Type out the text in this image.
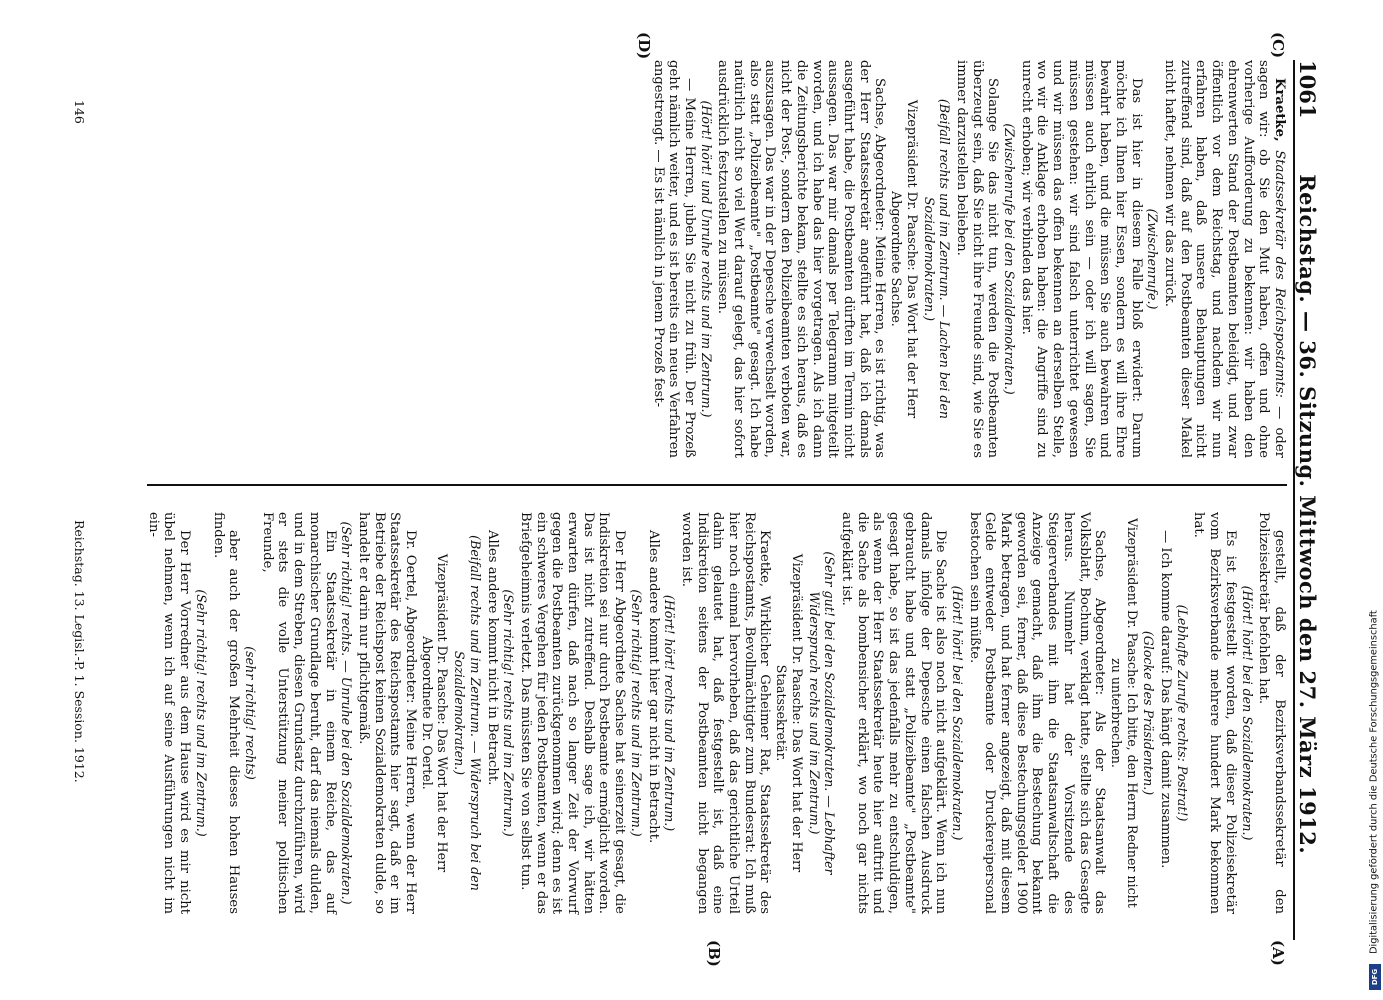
1061
Reichstag. — 36. Sitzung. Mittwoch den 27. März 1912.
(C)
(D)
(A)
(B)

Kraetke, Staatssekretär des Reichspostamts: — oder sagen wir: ob Sie den Mut haben, offen und ohne vorherige Aufforderung zu bekennen: wir haben den ehrenwerten Stand der Postbeamten beleidigt, und zwar öffentlich vor dem Reichstag, und nachdem wir nun erfahren haben, daß unsere Behauptungen nicht zutreffend sind, daß auf den Postbeamten dieser Makel nicht haftet, nehmen wir das zurück.

(Zwischenrufe.)

Das ist hier in diesem Falle bloß erwidert: Darum möchte ich Ihnen hier Essen, sondern es will ihre Ehre bewahrt haben, und die müssen Sie auch bewahren und müssen auch ehrlich sein — oder ich will sagen, Sie müssen gestehen: wir sind falsch unterrichtet gewesen und wir müssen das offen bekennen an derselben Stelle, wo wir die Anklage erhoben haben: die Angriffe sind zu unrecht erhoben; wir verbinden das hier.

(Zwischenrufe bei den Sozialdemokraten.)

Solange Sie das nicht tun, werden die Postbeamten überzeugt sein, daß Sie nicht ihre Freunde sind, wie Sie es immer darzustellen belieben.

(Beifall rechts und im Zentrum. — Lachen bei den Sozialdemokraten.)

Vizepräsident Dr. Paasche: Das Wort hat der Herr Abgeordnete Sachse.

Sachse, Abgeordneter: Meine Herren, es ist richtig, was der Herr Staatssekretär angeführt hat, daß ich damals ausgeführt habe, die Postbeamten dürften im Termin nicht aussagen. Das war mir damals per Telegramm mitgeteilt worden, und ich habe das hier vorgetragen. Als ich dann die Zeitungsberichte bekam, stellte es sich heraus, daß es nicht der Post-, sondern den Polizeibeamten verboten war, auszusagen. Das war in der Depesche verwechselt worden, also statt „Polizeibeamte" „Postbeamte" gesagt. Ich habe natürlich nicht so viel Wert darauf gelegt, das hier sofort ausdrücklich festzustellen zu müssen.

(Hört! hört! und Unruhe rechts und im Zentrum.)

— Meine Herren, jubeln Sie nicht zu früh. Der Prozeß geht nämlich weiter, und es ist bereits ein neues Verfahren angestrengt. — Es ist nämlich in jenem Prozeß fest-

gestellt, daß der Bezirksverbandssekretär den Polizeisekretär befohlen hat.

(Hört! hört! bei den Sozialdemokraten.)

Es ist festgestellt worden, daß dieser Polizeisekretär vom Bezirksverbande mehrere hundert Mark bekommen hat.

(Lebhafte Zurufe rechts: Postrat!)

— Ich komme darauf: Das hängt damit zusammen.

(Glocke des Präsidenten.)

Vizepräsident Dr. Paasche: Ich bitte, den Herrn Redner nicht zu unterbrechen.

Sachse, Abgeordneter: Als der Staatsanwalt das Volksblatt, Bochum, verklagt hatte, stellte sich das Gesagte heraus. Nunmehr hat der Vorsitzende des Steigerverbandes mit ihm die Staatsanwaltschaft die Anzeige gemacht, daß ihm die Bestechung bekannt geworden sei, ferner, daß diese Bestechungsgelder 1900 Mark betragen, und hat ferner angezeigt, daß mit diesem Gelde entweder Postbeamte oder Druckereipersonal bestochen sein müßte.

(Hört! hört! bei den Sozialdemokraten.)

Die Sache ist also noch nicht aufgeklärt. Wenn ich nun damals infolge der Depesche einen falschen Ausdruck gebraucht habe und statt „Polizeibeamte" „Postbeamte" gesagt habe, so ist das jedenfalls mehr zu entschuldigen, als wenn der Herr Staatssekretär heute hier auftritt und die Sache als bombensicher erklärt, wo noch gar nichts aufgeklärt ist.

(Sehr gut! bei den Sozialdemokraten. — Lebhafter Widerspruch rechts und im Zentrum.)

Vizepräsident Dr. Paasche: Das Wort hat der Herr Staatssekretär.

Kraetke, Wirklicher Geheimer Rat, Staatssekretär des Reichspostamts, Bevollmächtigter zum Bundesrat: Ich muß hier noch einmal hervorheben, daß das gerichtliche Urteil dahin gelautet hat, daß festgestellt ist, daß eine Indiskretion seitens der Postbeamten nicht begangen worden ist.

(Hört! hört! rechts und im Zentrum.)

Alles andere kommt hier gar nicht in Betracht.

(Sehr richtig! rechts und im Zentrum.)

Der Herr Abgeordnete Sachse hat seinerzeit gesagt, die Indiskretion sei nur durch Postbeamte ermöglicht worden. Das ist nicht zutreffend. Deshalb sage ich, wir hätten erwarten dürfen, daß nach so langer Zeit der Vorwurf gegen die Postbeamten zurückgenommen wird; denn es ist ein schweres Vergehen für jeden Postbeamten, wenn er das Briefgeheimnis verletzt. Das müssten Sie von selbst tun.

(Sehr richtig! rechts und im Zentrum.)

Alles andere kommt nicht in Betracht.

(Beifall rechts und im Zentrum. — Widerspruch bei den Sozialdemokraten.)

Vizepräsident Dr. Paasche: Das Wort hat der Herr Abgeordnete Dr. Oertel.

Dr. Oertel, Abgeordneter: Meine Herren, wenn der Herr Staatssekretär des Reichspostamts hier sagt, daß er im Betriebe der Reichspost keinen Sozialdemokraten dulde, so handelt er darin nur pflichtgemäß.

(Sehr richtig! rechts. — Unruhe bei den Sozialdemokraten.)

Ein Staatssekretär in einem Reiche, das auf monarchischer Grundlage beruht, darf das niemals dulden, und in dem Streben, diesen Grundsatz durchzuführen, wird er stets die volle Unterstützung meiner politischen Freunde,

(sehr richtig! rechts)

aber auch der großen Mehrheit dieses hohen Hauses finden.

(Sehr richtig! rechts und im Zentrum.)

Der Herr Vorredner aus dem Hause wird es mir nicht übel nehmen, wenn ich auf seine Ausführungen nicht im ein-

Reichstag. 13. Legisl.-P. 1. Session. 1912.
146
Digitalisierung gefördert durch die Deutsche Forschungsgemeinschaft
DFG
